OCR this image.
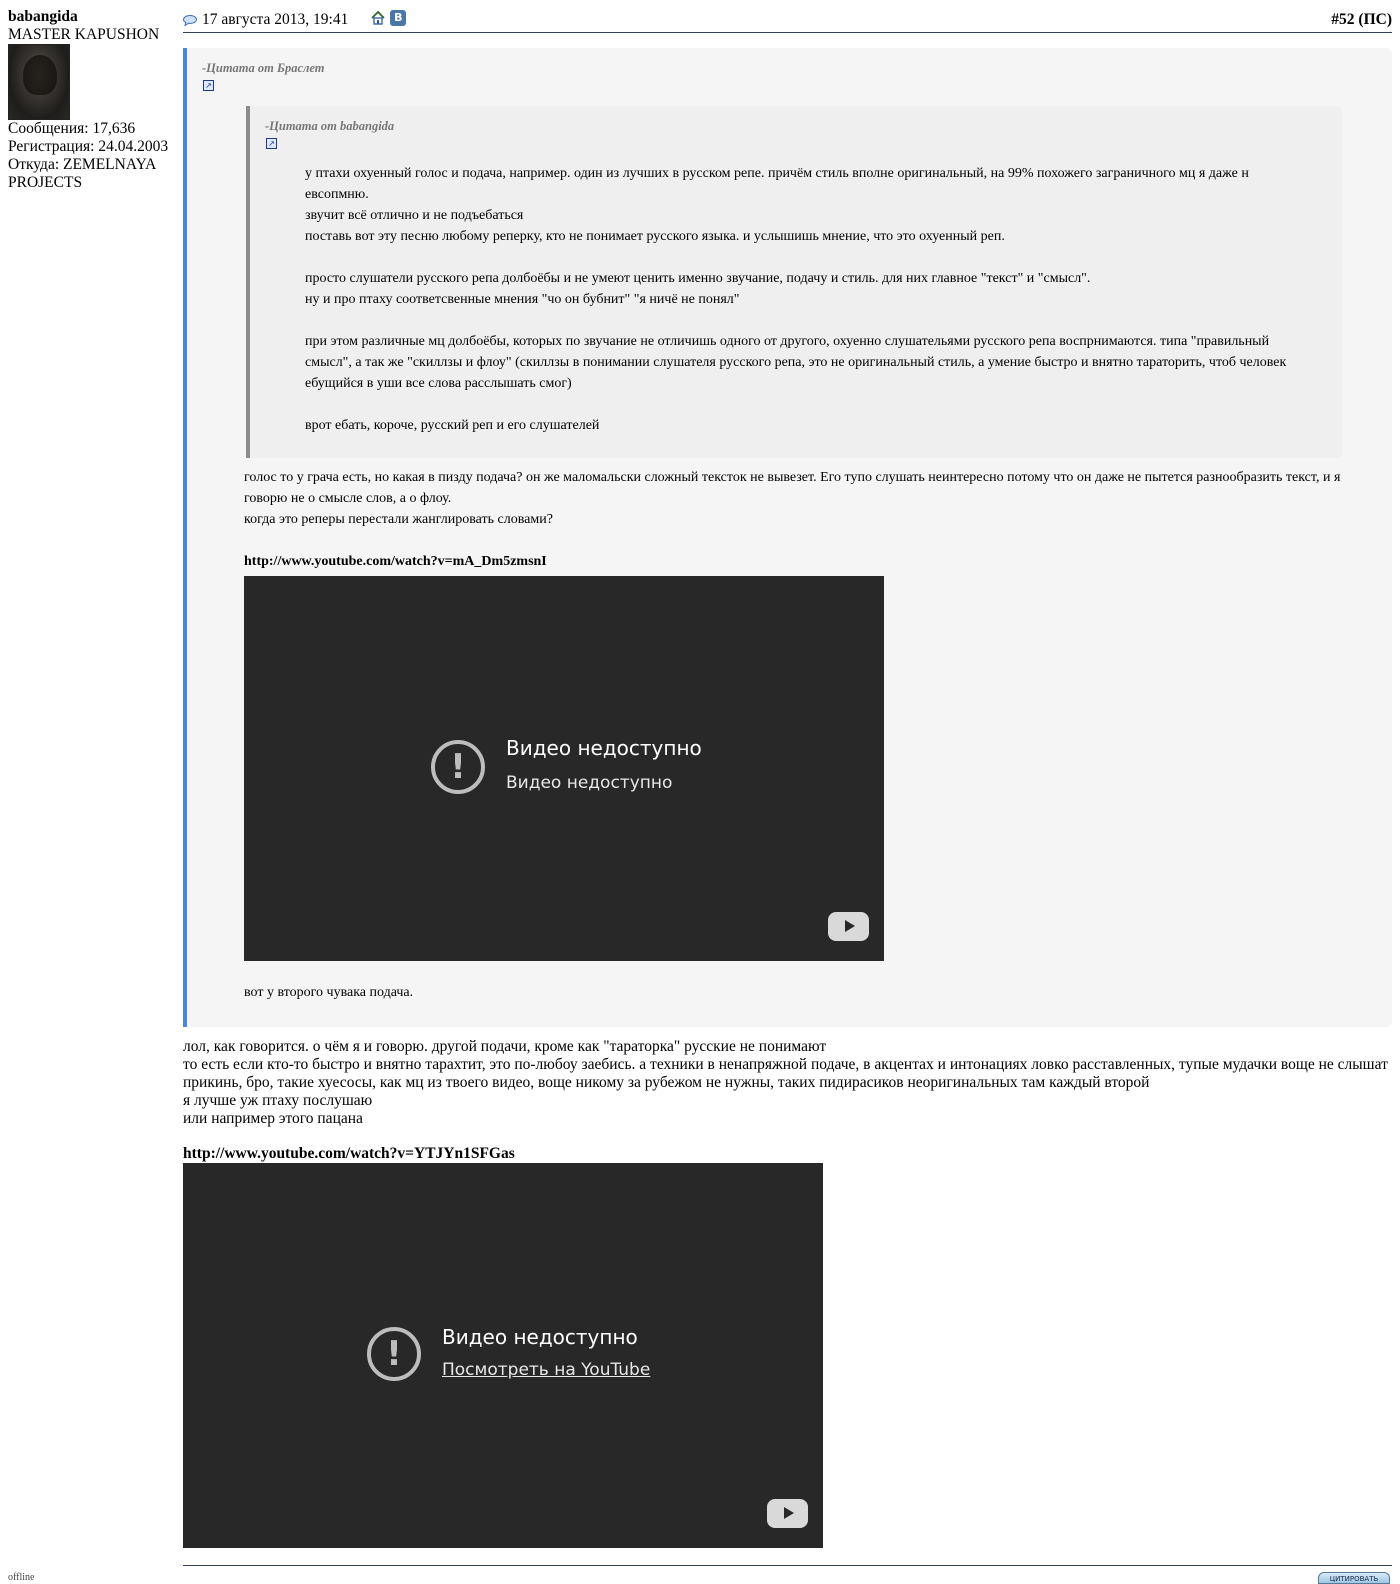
babangida
MASTER KAPUSHON
Сообщения: 17,636
Регистрация: 24.04.2003
Откуда: ZEMELNAYA
PROJECTS
offline
17 августа 2013, 19:41	В	#52 (ПС)
-Цитата от Браслет
↗
-Цитата от babangida
↗

у птахи охуенный голос и подача, например. один из лучших в русском репе. причём стиль вполне оригинальный, на 99% похожего заграничного мц я даже н евсопмню.

звучит всё отлично и не подъебаться

поставь вот эту песню любому реперку, кто не понимает русского языка. и услышишь мнение, что это охуенный реп.

просто слушатели русского репа долбоёбы и не умеют ценить именно звучание, подачу и стиль. для них главное "текст" и "смысл".

ну и про птаху соответсвенные мнения "чо он бубнит" "я ничё не понял"

при этом различные мц долбоёбы, которых по звучание не отличишь одного от другого, охуенно слушательями русского репа воспрнимаются. типа "правильный смысл", а так же "скиллзы и флоу" (скиллзы в понимании слушателя русского репа, это не оригинальный стиль, а умение быстро и внятно тараторить, чтоб человек ебущийся в уши все слова расслышать смог)

врот ебать, короче, русский реп и его слушателей

голос то у грача есть, но какая в пизду подача? он же маломальски сложный тексток не вывезет. Его тупо слушать неинтересно потому что он даже не пытется разнообразить текст, и я говорю не о смысле слов, а о флоу.

когда это реперы перестали жанглировать словами?

http://www.youtube.com/watch?v=mA_Dm5zmsnI
!	Видео недоступно
Видео недоступно
вот у второго чувака подача.

лол, как говорится. о чём я и говорю. другой подачи, кроме как "тараторка" русские не понимают

то есть если кто-то быстро и внятно тарахтит, это по-любоу заебись. а техники в ненапряжной подаче, в акцентах и интонациях ловко расставленных, тупые мудачки воще не слышат

прикинь, бро, такие хуесосы, как мц из твоего видео, воще никому за рубежом не нужны, таких пидирасиков неоригинальных там каждый второй

я лучше уж птаху послушаю

или например этого пацана

http://www.youtube.com/watch?v=YTJYn1SFGas
!	Видео недоступно
Посмотреть на YouTube
ЦИТИРОВАТЬ
